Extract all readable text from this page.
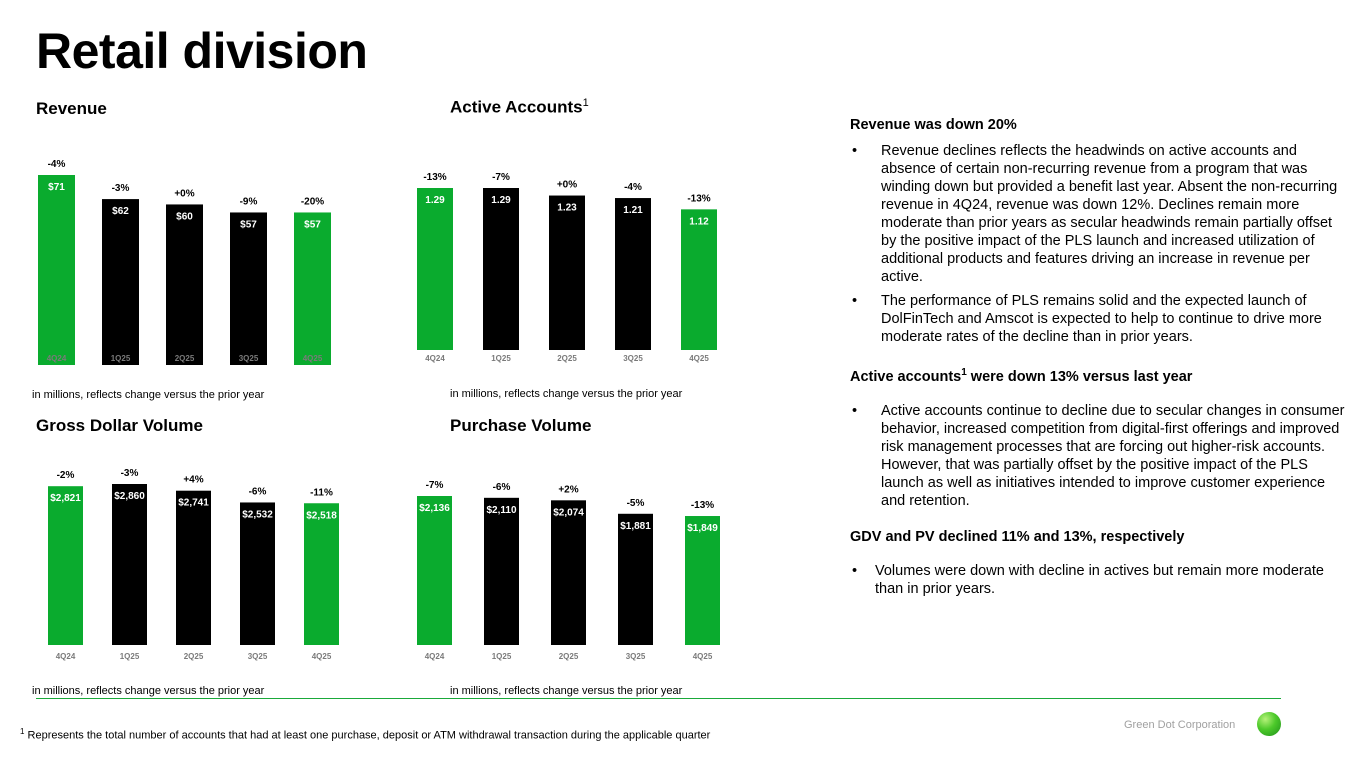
Retail division
Revenue	Active Accounts$^1$
Gross Dollar Volume	Purchase Volume
$71
-4%
4Q24
$62
-3%
1Q25
$60
+0%
2Q25
$57
-9%
3Q25
$57
-20%
4Q25
1.29
-13%
4Q24
1.29
-7%
1Q25
1.23
+0%
2Q25
1.21
-4%
3Q25
1.12
-13%
4Q25
$2,821
-2%
4Q24
$2,860
-3%
1Q25
$2,741
+4%
2Q25
$2,532
-6%
3Q25
$2,518
-11%
4Q25
$2,136
-7%
4Q24
$2,110
-6%
1Q25
$2,074
+2%
2Q25
$1,881
-5%
3Q25
$1,849
-13%
4Q25
in millions, reflects change versus the prior year	in millions, reflects change versus the prior year
in millions, reflects change versus the prior year	in millions, reflects change versus the prior year
Revenue was down 20%
• Revenue declines reflects the headwinds on active accounts and absence of certain non-recurring revenue from a program that was winding down but provided a benefit last year. Absent the non-recurring revenue in 4Q24, revenue was down 12%. Declines remain more moderate than prior years as secular headwinds remain partially offset by the positive impact of the PLS launch and increased utilization of additional products and features driving an increase in revenue per active.
• The performance of PLS remains solid and the expected launch of DolFinTech and Amscot is expected to help to continue to drive more moderate rates of the decline than in prior years.
Active accounts$^1$ were down 13% versus last year
• Active accounts continue to decline due to secular changes in consumer behavior, increased competition from digital-first offerings and improved risk management processes that are forcing out higher-risk accounts. However, that was partially offset by the positive impact of the PLS launch as well as initiatives intended to improve customer experience and retention.
GDV and PV declined 11% and 13%, respectively
• Volumes were down with decline in actives but remain more moderate than in prior years.
$^1$ Represents the total number of accounts that had at least one purchase, deposit or ATM withdrawal transaction during the applicable quarter
Green Dot Corporation
